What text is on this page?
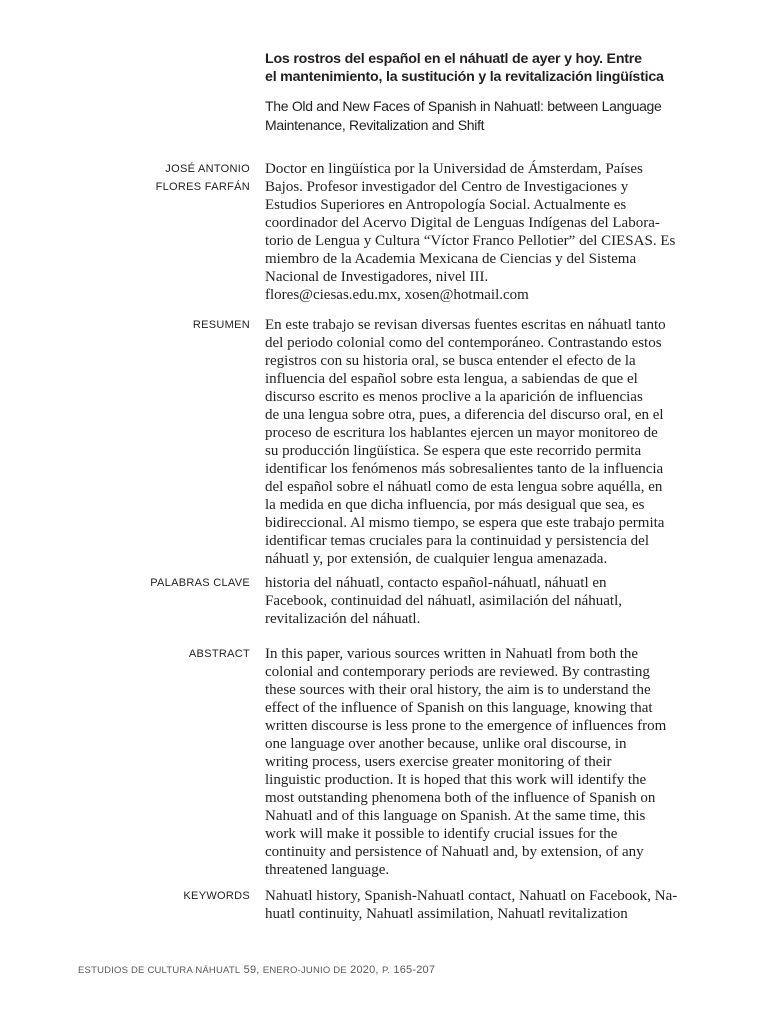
Los rostros del español en el náhuatl de ayer y hoy. Entre
el mantenimiento, la sustitución y la revitalización lingüística

The Old and New Faces of Spanish in Nahuatl: between Language
Maintenance, Revitalization and Shift

JOSÉ ANTONIO
FLORES FARFÁN

Doctor en lingüística por la Universidad de Ámsterdam, Países
Bajos. Profesor investigador del Centro de Investigaciones y
Estudios Superiores en Antropología Social. Actualmente es
coordinador del Acervo Digital de Lenguas Indígenas del Labora-
torio de Lengua y Cultura “Víctor Franco Pellotier” del CIESAS. Es
miembro de la Academia Mexicana de Ciencias y del Sistema
Nacional de Investigadores, nivel III.
flores@ciesas.edu.mx, xosen@hotmail.com

RESUMEN En este trabajo se revisan diversas fuentes escritas en náhuatl tanto
del periodo colonial como del contemporáneo. Contrastando estos
registros con su historia oral, se busca entender el efecto de la
influencia del español sobre esta lengua, a sabiendas de que el
discurso escrito es menos proclive a la aparición de influencias
de una lengua sobre otra, pues, a diferencia del discurso oral, en el
proceso de escritura los hablantes ejercen un mayor monitoreo de
su producción lingüística. Se espera que este recorrido permita
identificar los fenómenos más sobresalientes tanto de la influencia
del español sobre el náhuatl como de esta lengua sobre aquélla, en
la medida en que dicha influencia, por más desigual que sea, es
bidireccional. Al mismo tiempo, se espera que este trabajo permita
identificar temas cruciales para la continuidad y persistencia del
náhuatl y, por extensión, de cualquier lengua amenazada.

PALABRAS CLAVE historia del náhuatl, contacto español-náhuatl, náhuatl en
Facebook, continuidad del náhuatl, asimilación del náhuatl,
revitalización del náhuatl.

ABSTRACT In this paper, various sources written in Nahuatl from both the
colonial and contemporary periods are reviewed. By contrasting
these sources with their oral history, the aim is to understand the
effect of the influence of Spanish on this language, knowing that
written discourse is less prone to the emergence of influences from
one language over another because, unlike oral discourse, in
writing process, users exercise greater monitoring of their
linguistic production. It is hoped that this work will identify the
most outstanding phenomena both of the influence of Spanish on
Nahuatl and of this language on Spanish. At the same time, this
work will make it possible to identify crucial issues for the
continuity and persistence of Nahuatl and, by extension, of any
threatened language.

KEYWORDS Nahuatl history, Spanish-Nahuatl contact, Nahuatl on Facebook, Na-
huatl continuity, Nahuatl assimilation, Nahuatl revitalization

ESTUDIOS DE CULTURA NÁHUATL 59, ENERO-JUNIO DE 2020, P. 165-207
